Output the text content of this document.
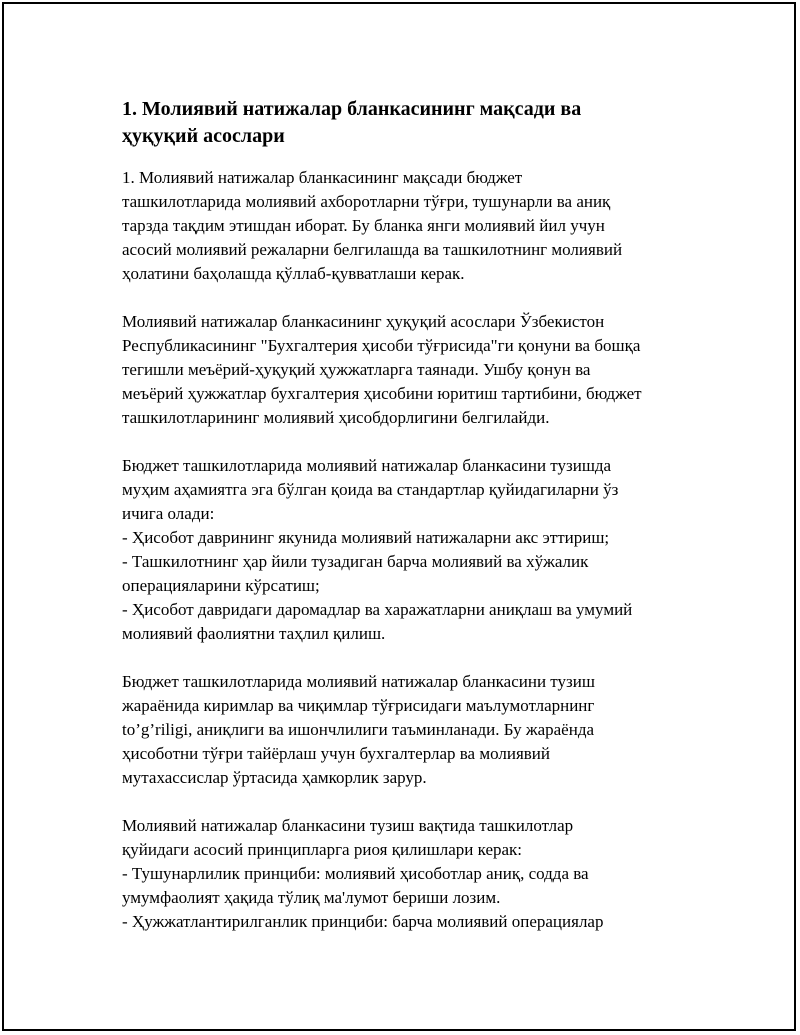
1. Молиявий натижалар бланкасининг мақсади ва
ҳуқуқий асослари
1. Молиявий натижалар бланкасининг мақсади бюджет
ташкилотларида молиявий ахборотларни тўғри, тушунарли ва аниқ
тарзда тақдим этишдан иборат. Бу бланка янги молиявий йил учун
асосий молиявий режаларни белгилашда ва ташкилотнинг молиявий
ҳолатини баҳолашда қўллаб-қувватлаши керак.
Молиявий натижалар бланкасининг ҳуқуқий асослари Ўзбекистон
Республикасининг "Бухгалтерия ҳисоби тўғрисида"ги қонуни ва бошқа
тегишли меъёрий-ҳуқуқий ҳужжатларга таянади. Ушбу қонун ва
меъёрий ҳужжатлар бухгалтерия ҳисобини юритиш тартибини, бюджет
ташкилотларининг молиявий ҳисобдорлигини белгилайди.
Бюджет ташкилотларида молиявий натижалар бланкасини тузишда
муҳим аҳамиятга эга бўлган қоида ва стандартлар қуйидагиларни ўз
ичига олади:
- Ҳисобот даврининг якунида молиявий натижаларни акс эттириш;
- Ташкилотнинг ҳар йили тузадиган барча молиявий ва хўжалик
операцияларини кўрсатиш;
- Ҳисобот давридаги даромадлар ва харажатларни аниқлаш ва умумий
молиявий фаолиятни таҳлил қилиш.
Бюджет ташкилотларида молиявий натижалар бланкасини тузиш
жараёнида киримлар ва чиқимлар тўғрисидаги маълумотларнинг
to’g’riligi, аниқлиги ва ишончлилиги таъминланади. Бу жараёнда
ҳисоботни тўғри тайёрлаш учун бухгалтерлар ва молиявий
мутахассислар ўртасида ҳамкорлик зарур.
Молиявий натижалар бланкасини тузиш вақтида ташкилотлар
қуйидаги асосий принципларга риоя қилишлари керак:
- Тушунарлилик принциби: молиявий ҳисоботлар аниқ, содда ва
умумфаолият ҳақида тўлиқ ма'лумот бериши лозим.
- Ҳужжатлантирилганлик принциби: барча молиявий операциялар
